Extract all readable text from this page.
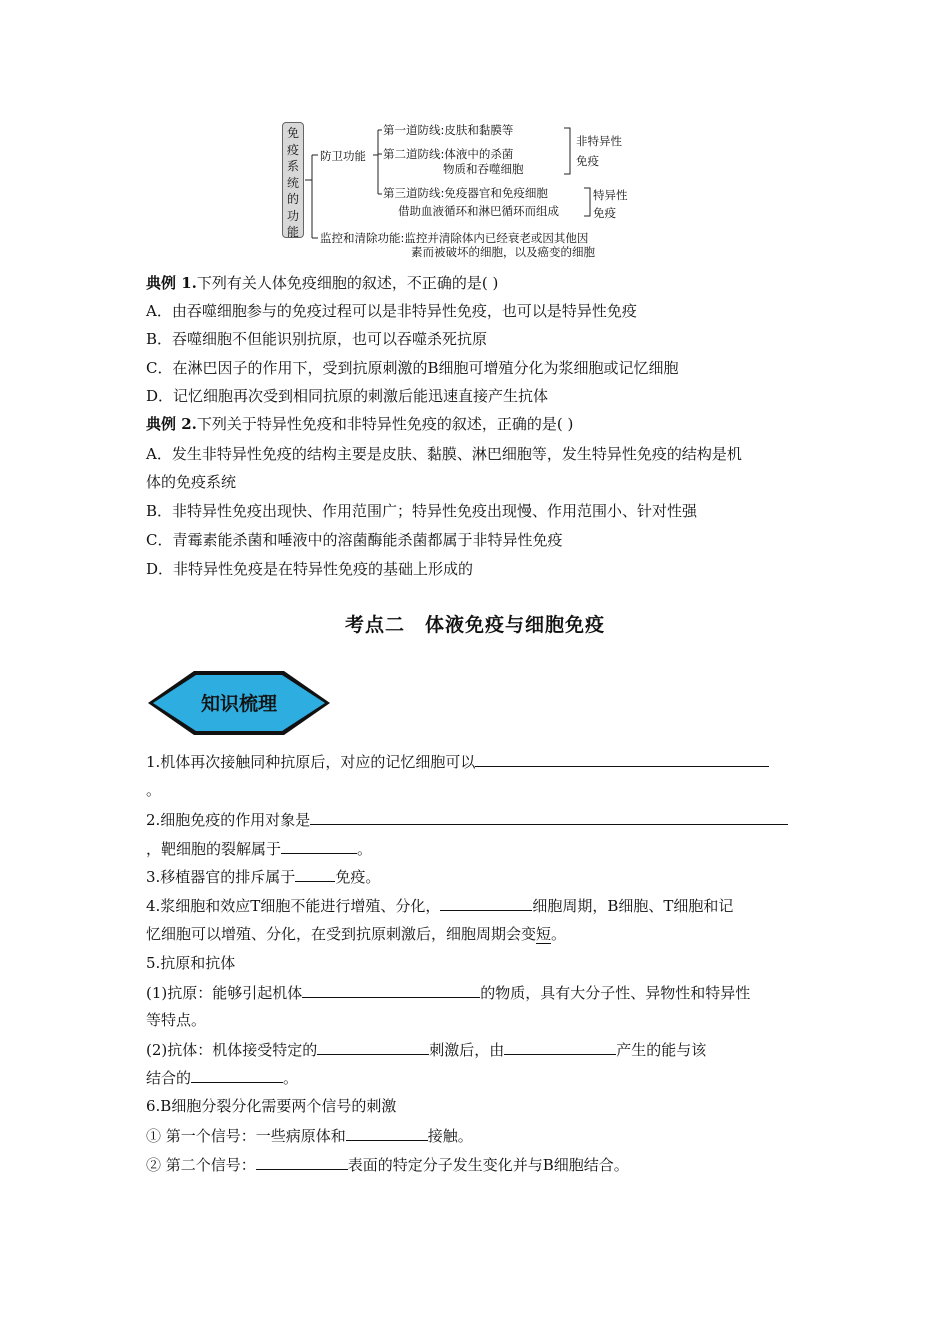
免疫系统的功能
防卫功能
第一道防线:皮肤和黏膜等
第二道防线:体液中的杀菌
物质和吞噬细胞
非特异性
免疫
第三道防线:免疫器官和免疫细胞
借助血液循环和淋巴循环而组成
特异性
免疫
监控和清除功能:监控并清除体内已经衰老或因其他因
素而被破坏的细胞，以及癌变的细胞
典例 1.下列有关人体免疫细胞的叙述，不正确的是( )
A．由吞噬细胞参与的免疫过程可以是非特异性免疫，也可以是特异性免疫
B．吞噬细胞不但能识别抗原，也可以吞噬杀死抗原
C．在淋巴因子的作用下，受到抗原刺激的B细胞可增殖分化为浆细胞或记忆细胞
D．记忆细胞再次受到相同抗原的刺激后能迅速直接产生抗体
典例 2.下列关于特异性免疫和非特异性免疫的叙述，正确的是( )
A．发生非特异性免疫的结构主要是皮肤、黏膜、淋巴细胞等，发生特异性免疫的结构是机
体的免疫系统
B．非特异性免疫出现快、作用范围广；特异性免疫出现慢、作用范围小、针对性强
C．青霉素能杀菌和唾液中的溶菌酶能杀菌都属于非特异性免疫
D．非特异性免疫是在特异性免疫的基础上形成的
考点二　体液免疫与细胞免疫
知识梳理
1.机体再次接触同种抗原后，对应的记忆细胞可以
。
2.细胞免疫的作用对象是
，靶细胞的裂解属于	。
3.移植器官的排斥属于	免疫。
4.浆细胞和效应T细胞不能进行增殖、分化，	细胞周期，B细胞、T细胞和记
忆细胞可以增殖、分化，在受到抗原刺激后，细胞周期会变短。
5.抗原和抗体
(1)抗原：能够引起机体	的物质，具有大分子性、异物性和特异性
等特点。
(2)抗体：机体接受特定的	刺激后，由	产生的能与该
结合的	。
6.B细胞分裂分化需要两个信号的刺激
① 第一个信号：一些病原体和	接触。
② 第二个信号：	表面的特定分子发生变化并与B细胞结合。
